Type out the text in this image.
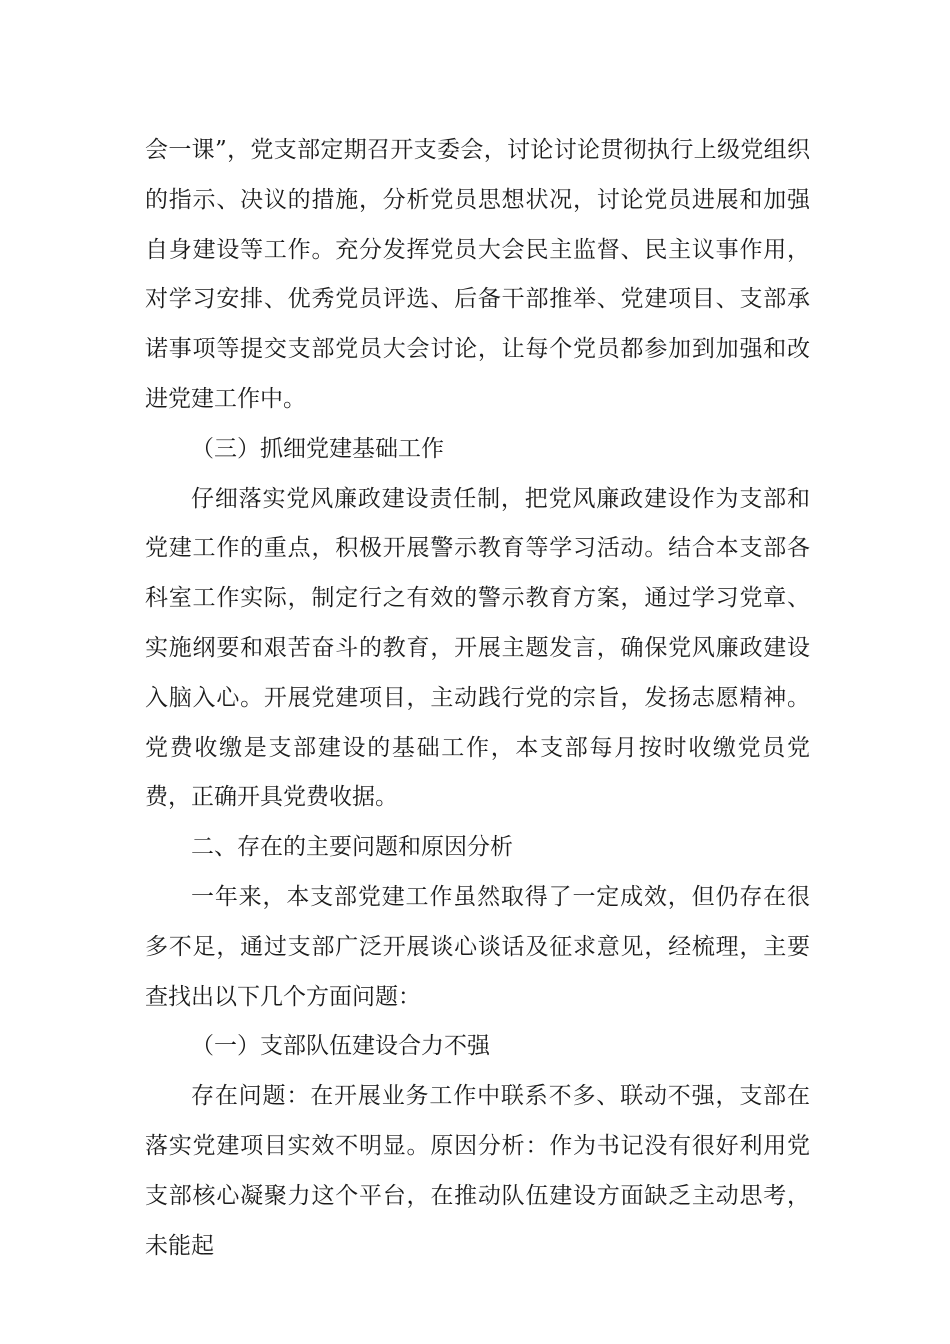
会一课”，党支部定期召开支委会，讨论讨论贯彻执行上级党组织的指示、决议的措施，分析党员思想状况，讨论党员进展和加强自身建设等工作。充分发挥党员大会民主监督、民主议事作用，对学习安排、优秀党员评选、后备干部推举、党建项目、支部承诺事项等提交支部党员大会讨论，让每个党员都参加到加强和改进党建工作中。

（三）抓细党建基础工作

仔细落实党风廉政建设责任制，把党风廉政建设作为支部和党建工作的重点，积极开展警示教育等学习活动。结合本支部各科室工作实际，制定行之有效的警示教育方案，通过学习党章、实施纲要和艰苦奋斗的教育，开展主题发言，确保党风廉政建设入脑入心。开展党建项目，主动践行党的宗旨，发扬志愿精神。党费收缴是支部建设的基础工作，本支部每月按时收缴党员党费，正确开具党费收据。

二、存在的主要问题和原因分析

一年来，本支部党建工作虽然取得了一定成效，但仍存在很多不足，通过支部广泛开展谈心谈话及征求意见，经梳理，主要查找出以下几个方面问题：

（一）支部队伍建设合力不强

存在问题：在开展业务工作中联系不多、联动不强，支部在落实党建项目实效不明显。原因分析：作为书记没有很好利用党支部核心凝聚力这个平台，在推动队伍建设方面缺乏主动思考，未能起
